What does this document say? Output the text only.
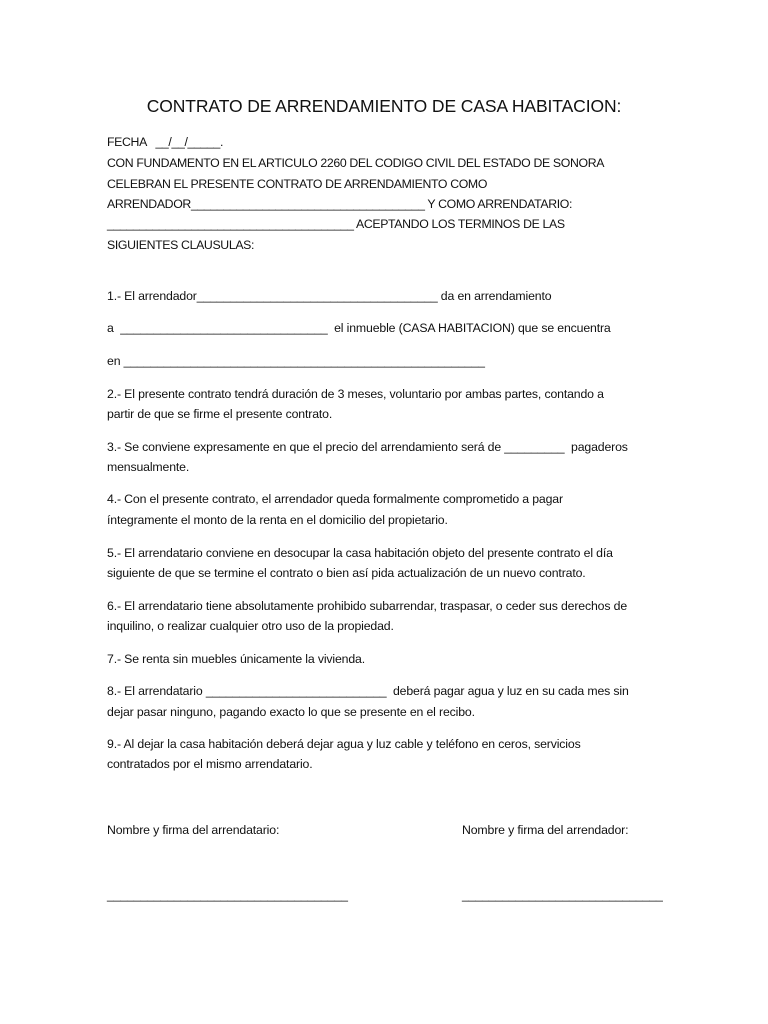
CONTRATO DE ARRENDAMIENTO DE CASA HABITACION:
FECHA   __/__/_____.
CON FUNDAMENTO EN EL ARTICULO 2260 DEL CODIGO CIVIL DEL ESTADO DE SONORA
CELEBRAN EL PRESENTE CONTRATO DE ARRENDAMIENTO COMO
ARRENDADOR____________________________________ Y COMO ARRENDATARIO:
______________________________________ ACEPTANDO LOS TERMINOS DE LAS
SIGUIENTES CLAUSULAS:
1.- El arrendador____________________________________ da en arrendamiento
a  _______________________________  el inmueble (CASA HABITACION) que se encuentra
en ______________________________________________________
2.- El presente contrato tendrá duración de 3 meses, voluntario por ambas partes, contando a
partir de que se firme el presente contrato.
3.- Se conviene expresamente en que el precio del arrendamiento será de _________  pagaderos
mensualmente.
4.- Con el presente contrato, el arrendador queda formalmente comprometido a pagar
íntegramente el monto de la renta en el domicilio del propietario.
5.- El arrendatario conviene en desocupar la casa habitación objeto del presente contrato el día
siguiente de que se termine el contrato o bien así pida actualización de un nuevo contrato.
6.- El arrendatario tiene absolutamente prohibido subarrendar, traspasar, o ceder sus derechos de
inquilino, o realizar cualquier otro uso de la propiedad.
7.- Se renta sin muebles únicamente la vivienda.
8.- El arrendatario ___________________________  deberá pagar agua y luz en su cada mes sin
dejar pasar ninguno, pagando exacto lo que se presente en el recibo.
9.- Al dejar la casa habitación deberá dejar agua y luz cable y teléfono en ceros, servicios
contratados por el mismo arrendatario.
Nombre y firma del arrendatario:	Nombre y firma del arrendador:
____________________________________	______________________________
